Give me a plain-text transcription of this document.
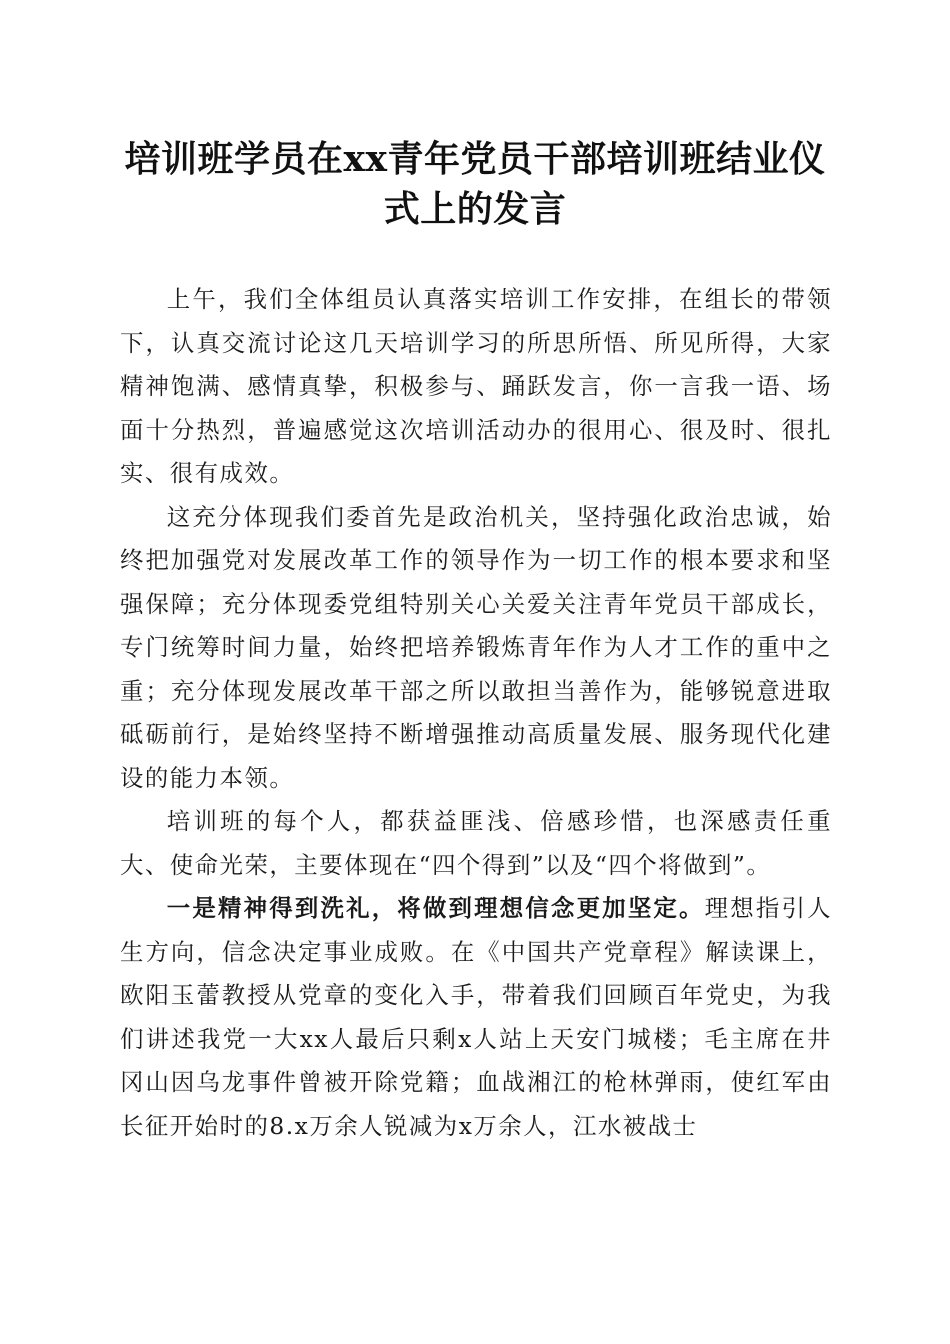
培训班学员在xx青年党员干部培训班结业仪式上的发言

上午，我们全体组员认真落实培训工作安排，在组长的带领下，认真交流讨论这几天培训学习的所思所悟、所见所得，大家精神饱满、感情真挚，积极参与、踊跃发言，你一言我一语、场面十分热烈，普遍感觉这次培训活动办的很用心、很及时、很扎实、很有成效。

这充分体现我们委首先是政治机关，坚持强化政治忠诚，始终把加强党对发展改革工作的领导作为一切工作的根本要求和坚强保障；充分体现委党组特别关心关爱关注青年党员干部成长，专门统筹时间力量，始终把培养锻炼青年作为人才工作的重中之重；充分体现发展改革干部之所以敢担当善作为，能够锐意进取砥砺前行，是始终坚持不断增强推动高质量发展、服务现代化建设的能力本领。

培训班的每个人，都获益匪浅、倍感珍惜，也深感责任重大、使命光荣，主要体现在“四个得到”以及“四个将做到”。

一是精神得到洗礼，将做到理想信念更加坚定。理想指引人生方向，信念决定事业成败。在《中国共产党章程》解读课上，欧阳玉蕾教授从党章的变化入手，带着我们回顾百年党史，为我们讲述我党一大xx人最后只剩x人站上天安门城楼；毛主席在井冈山因乌龙事件曾被开除党籍；血战湘江的枪林弹雨，使红军由长征开始时的8.x万余人锐减为x万余人，江水被战士
